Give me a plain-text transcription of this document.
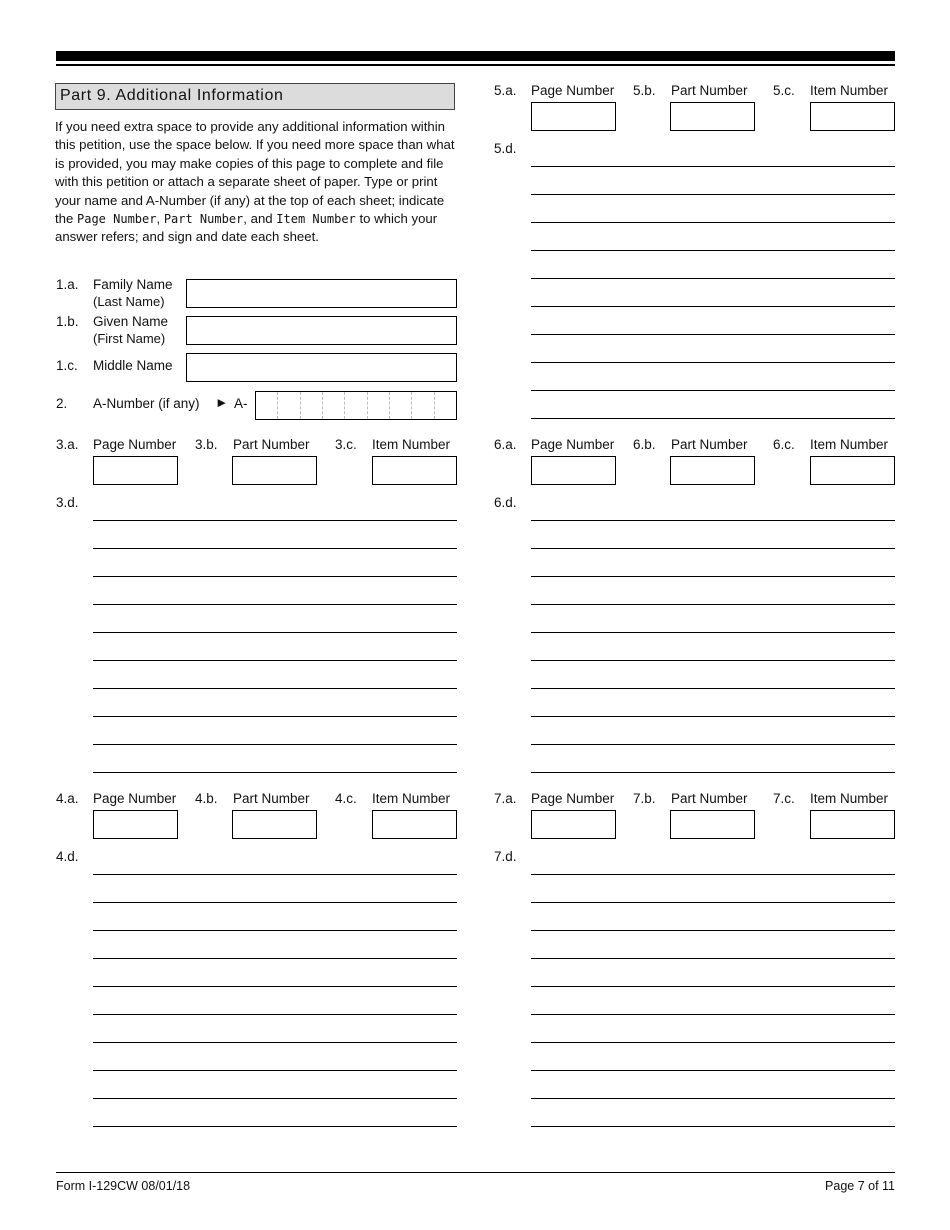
Part 9. Additional Information
If you need extra space to provide any additional information within this petition, use the space below. If you need more space than what is provided, you may make copies of this page to complete and file with this petition or attach a separate sheet of paper. Type or print your name and A-Number (if any) at the top of each sheet; indicate the Page Number, Part Number, and Item Number to which your answer refers; and sign and date each sheet.
1.a. Family Name
(Last Name)
1.b. Given Name
(First Name)
1.c. Middle Name
2. A-Number (if any) ► A-
3.a. Page Number 3.b. Part Number 3.c. Item Number
3.d.
4.a. Page Number 4.b. Part Number 4.c. Item Number
4.d.
5.a. Page Number 5.b. Part Number 5.c. Item Number
5.d.
6.a. Page Number 6.b. Part Number 6.c. Item Number
6.d.
7.a. Page Number 7.b. Part Number 7.c. Item Number
7.d.
Form I-129CW 08/01/18	Page 7 of 11
